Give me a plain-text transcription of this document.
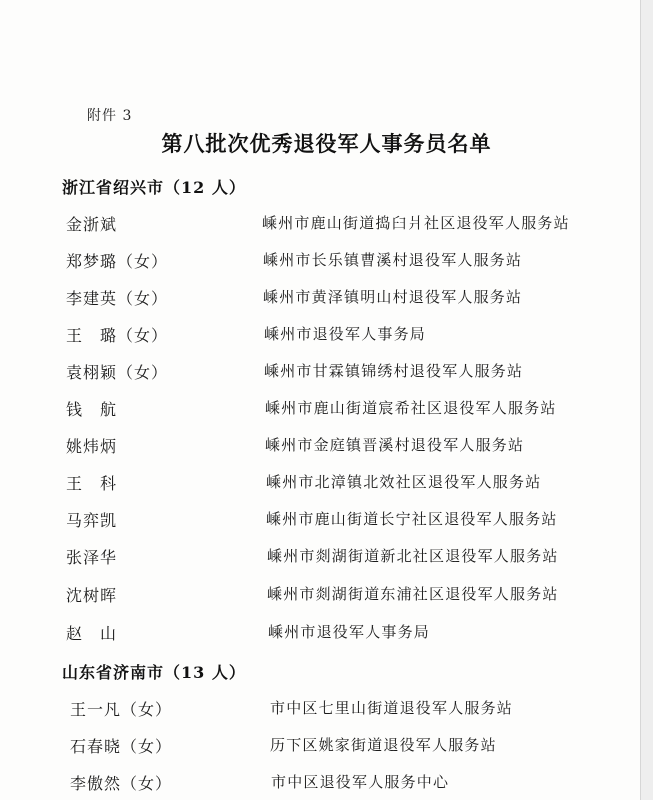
附件 3
第八批次优秀退役军人事务员名单
浙江省绍兴市（12 人）
金浙斌	嵊州市鹿山街道捣臼爿社区退役军人服务站
郑梦璐（女）	嵊州市长乐镇曹溪村退役军人服务站
李建英（女）	嵊州市黄泽镇明山村退役军人服务站
王　璐（女）	嵊州市退役军人事务局
袁栩颖（女）	嵊州市甘霖镇锦绣村退役军人服务站
钱　航	嵊州市鹿山街道宸希社区退役军人服务站
姚炜炳	嵊州市金庭镇晋溪村退役军人服务站
王　科	嵊州市北漳镇北效社区退役军人服务站
马弈凯	嵊州市鹿山街道长宁社区退役军人服务站
张泽华	嵊州市剡湖街道新北社区退役军人服务站
沈树晖	嵊州市剡湖街道东浦社区退役军人服务站
赵　山	嵊州市退役军人事务局
山东省济南市（13 人）
王一凡（女）	市中区七里山街道退役军人服务站
石春晓（女）	历下区姚家街道退役军人服务站
李傲然（女）	市中区退役军人服务中心
